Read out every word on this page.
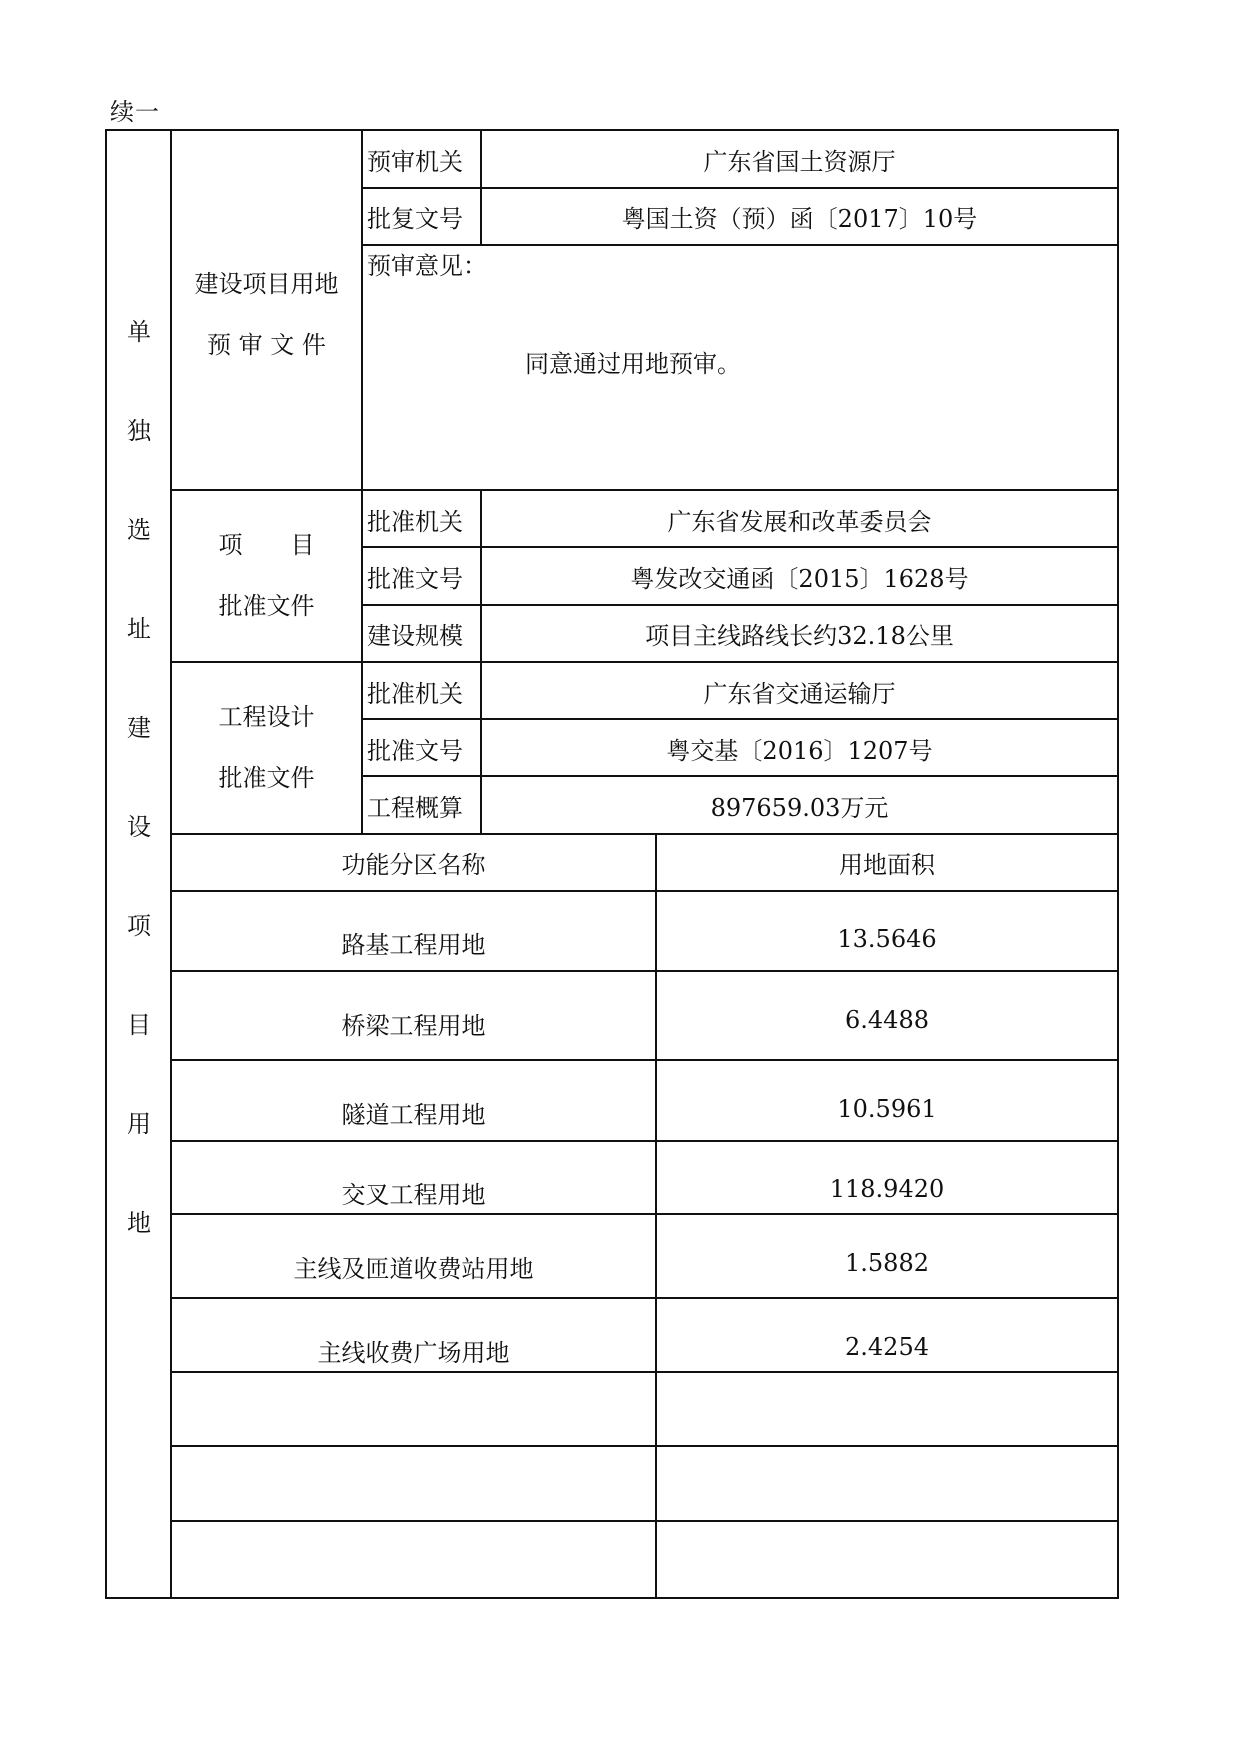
续一
单
独
选
址
建
设
项
目
用
地
建设项目用地
预 审 文 件
预审机关	广东省国土资源厅
批复文号	粤国土资（预）函〔2017〕10号
预审意见：
同意通过用地预审。
项　　目
批准文件
批准机关	广东省发展和改革委员会
批准文号	粤发改交通函〔2015〕1628号
建设规模	项目主线路线长约32.18公里
工程设计
批准文件
批准机关	广东省交通运输厅
批准文号	粤交基〔2016〕1207号
工程概算	897659.03万元
功能分区名称	用地面积
路基工程用地	13.5646
桥梁工程用地	6.4488
隧道工程用地	10.5961
交叉工程用地	118.9420
主线及匝道收费站用地	1.5882
主线收费广场用地	2.4254
